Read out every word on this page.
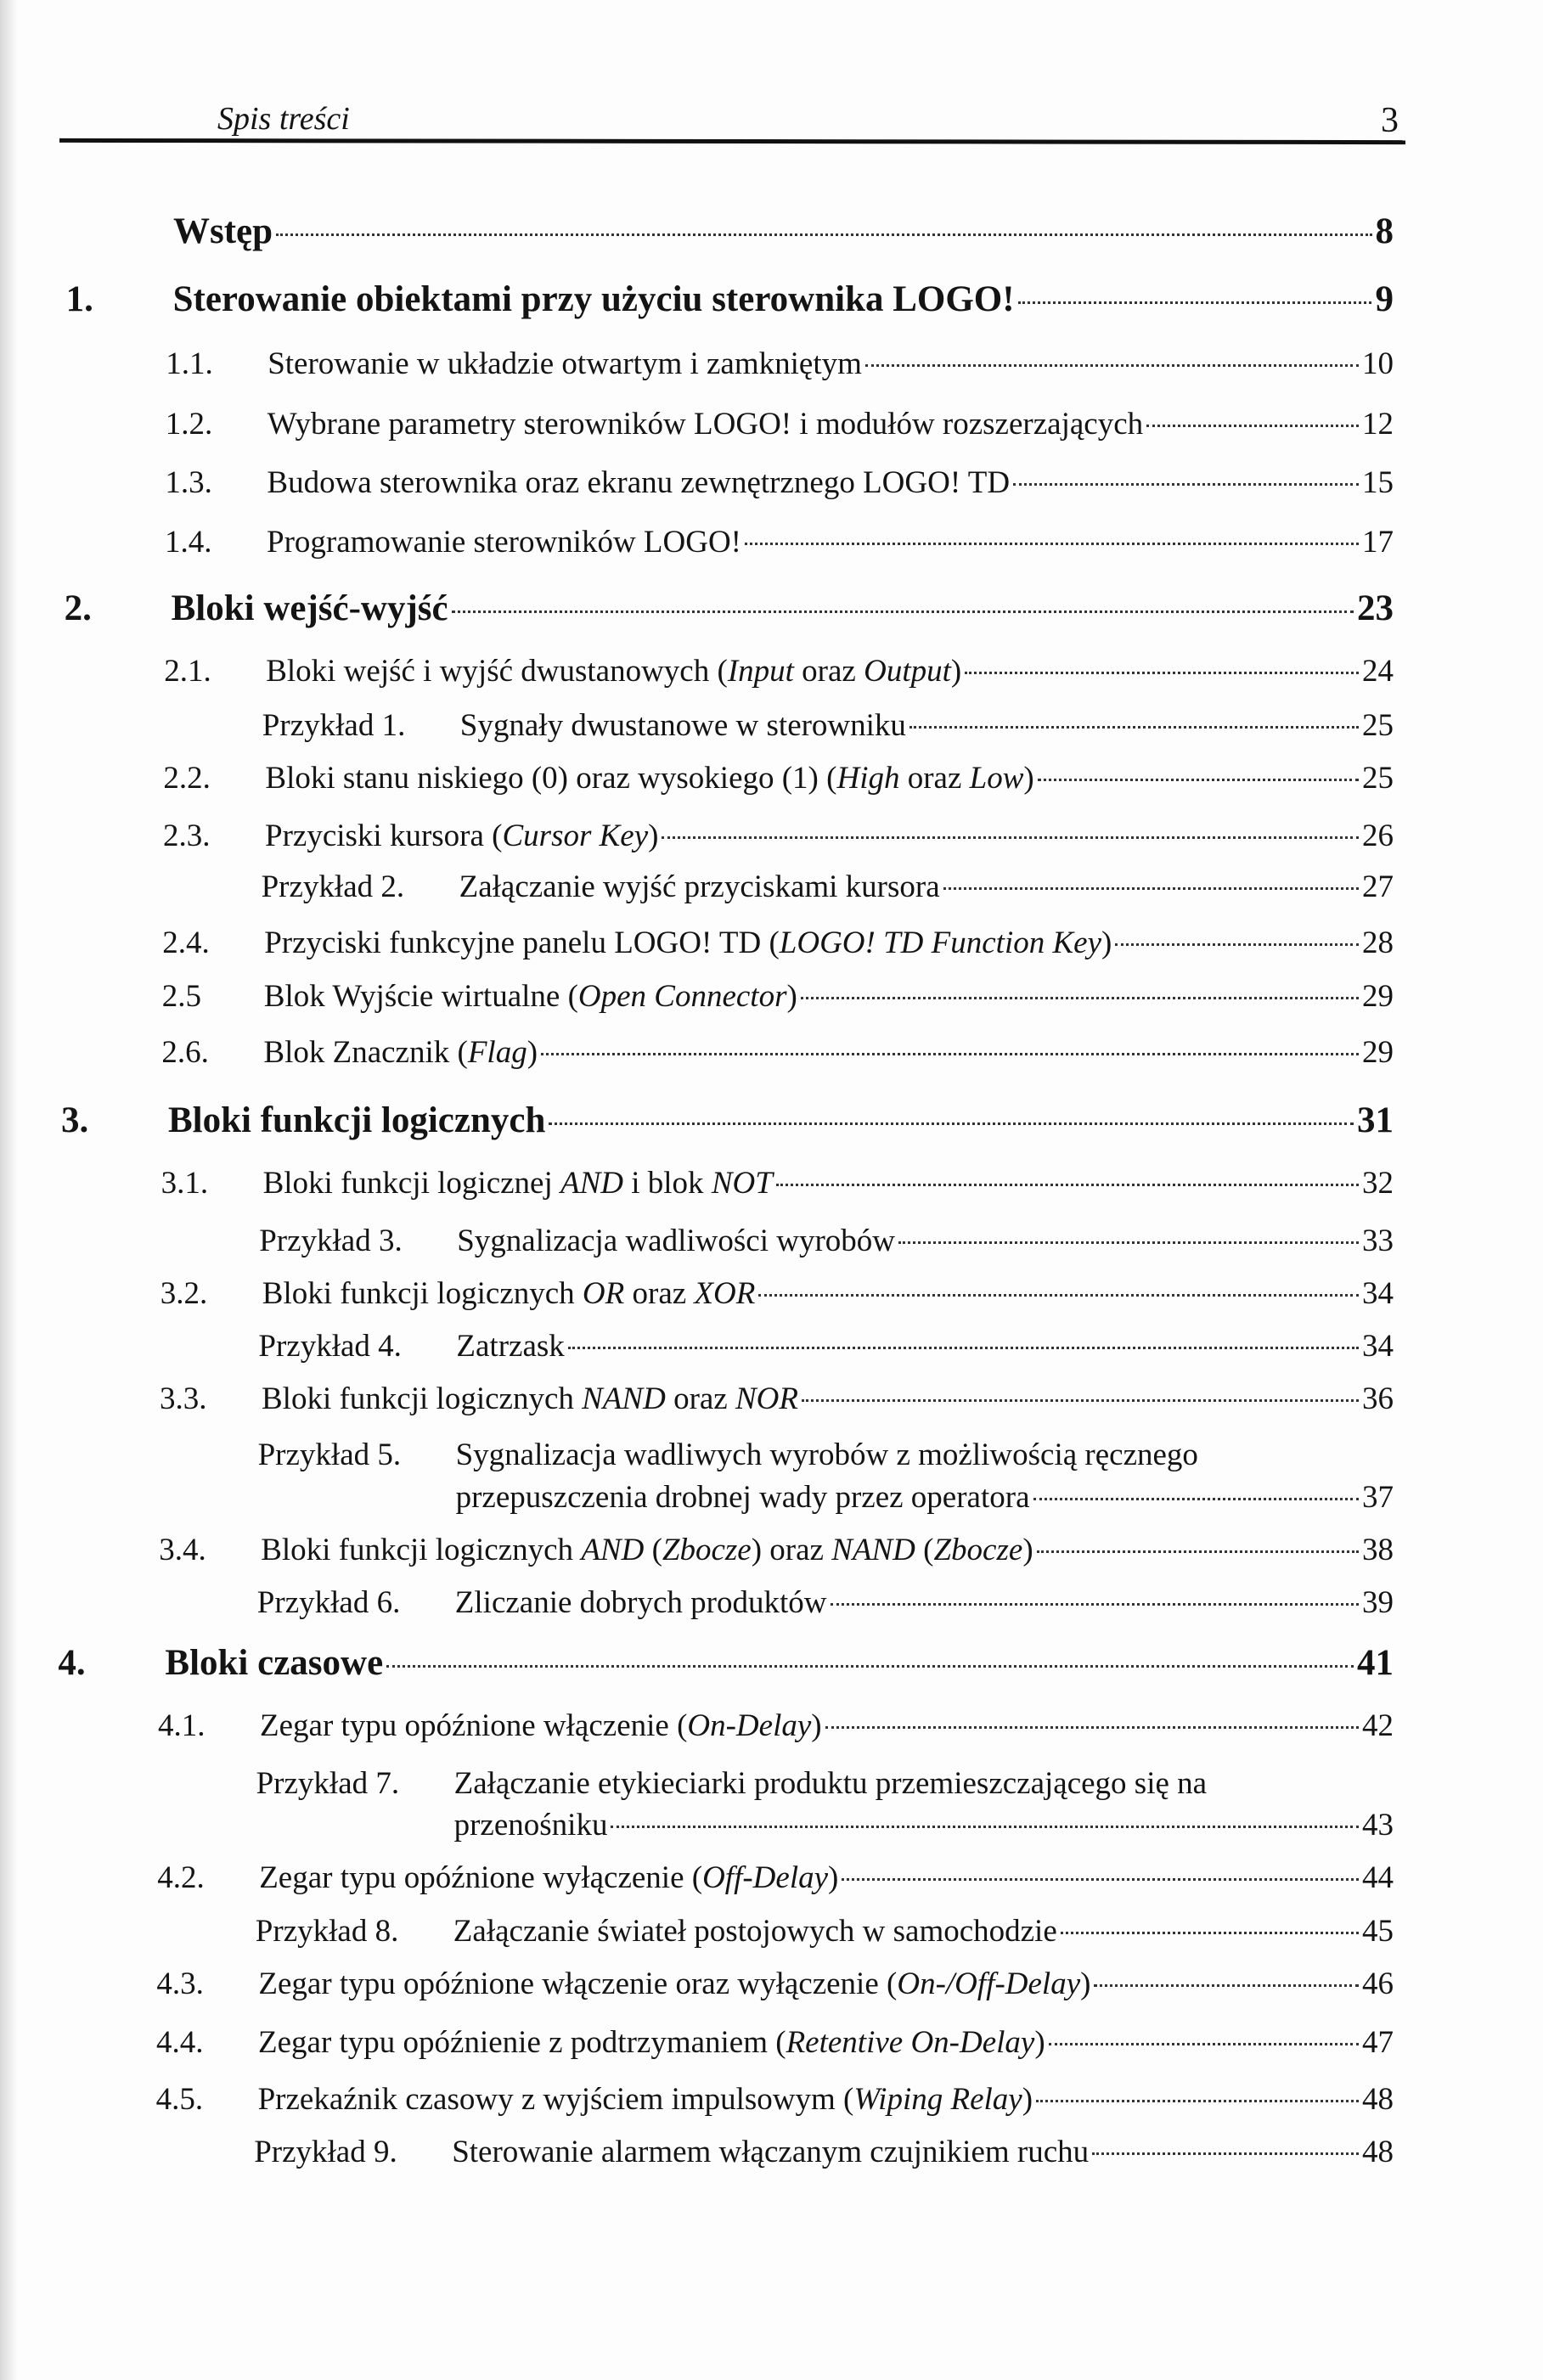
Spis treści	3
Wstęp	8
1.	Sterowanie obiektami przy użyciu sterownika LOGO!	9
1.1.	Sterowanie w układzie otwartym i zamkniętym	10
1.2.	Wybrane parametry sterowników LOGO! i modułów rozszerzających	12
1.3.	Budowa sterownika oraz ekranu zewnętrznego LOGO! TD	15
1.4.	Programowanie sterowników LOGO!	17
2.	Bloki wejść-wyjść	23
2.1.	Bloki wejść i wyjść dwustanowych (Input oraz Output)	24
Przykład 1.	Sygnały dwustanowe w sterowniku	25
2.2.	Bloki stanu niskiego (0) oraz wysokiego (1) (High oraz Low)	25
2.3.	Przyciski kursora (Cursor Key)	26
Przykład 2.	Załączanie wyjść przyciskami kursora	27
2.4.	Przyciski funkcyjne panelu LOGO! TD (LOGO! TD Function Key)	28
2.5	Blok Wyjście wirtualne (Open Connector)	29
2.6.	Blok Znacznik (Flag)	29
3.	Bloki funkcji logicznych	31
3.1.	Bloki funkcji logicznej AND i blok NOT	32
Przykład 3.	Sygnalizacja wadliwości wyrobów	33
3.2.	Bloki funkcji logicznych OR oraz XOR	34
Przykład 4.	Zatrzask	34
3.3.	Bloki funkcji logicznych NAND oraz NOR	36
Przykład 5.	Sygnalizacja wadliwych wyrobów z możliwością ręcznego
przepuszczenia drobnej wady przez operatora	37
3.4.	Bloki funkcji logicznych AND (Zbocze) oraz NAND (Zbocze)	38
Przykład 6.	Zliczanie dobrych produktów	39
4.	Bloki czasowe	41
4.1.	Zegar typu opóźnione włączenie (On-Delay)	42
Przykład 7.	Załączanie etykieciarki produktu przemieszczającego się na
przenośniku	43
4.2.	Zegar typu opóźnione wyłączenie (Off-Delay)	44
Przykład 8.	Załączanie świateł postojowych w samochodzie	45
4.3.	Zegar typu opóźnione włączenie oraz wyłączenie (On-/Off-Delay)	46
4.4.	Zegar typu opóźnienie z podtrzymaniem (Retentive On-Delay)	47
4.5.	Przekaźnik czasowy z wyjściem impulsowym (Wiping Relay)	48
Przykład 9.	Sterowanie alarmem włączanym czujnikiem ruchu	48
